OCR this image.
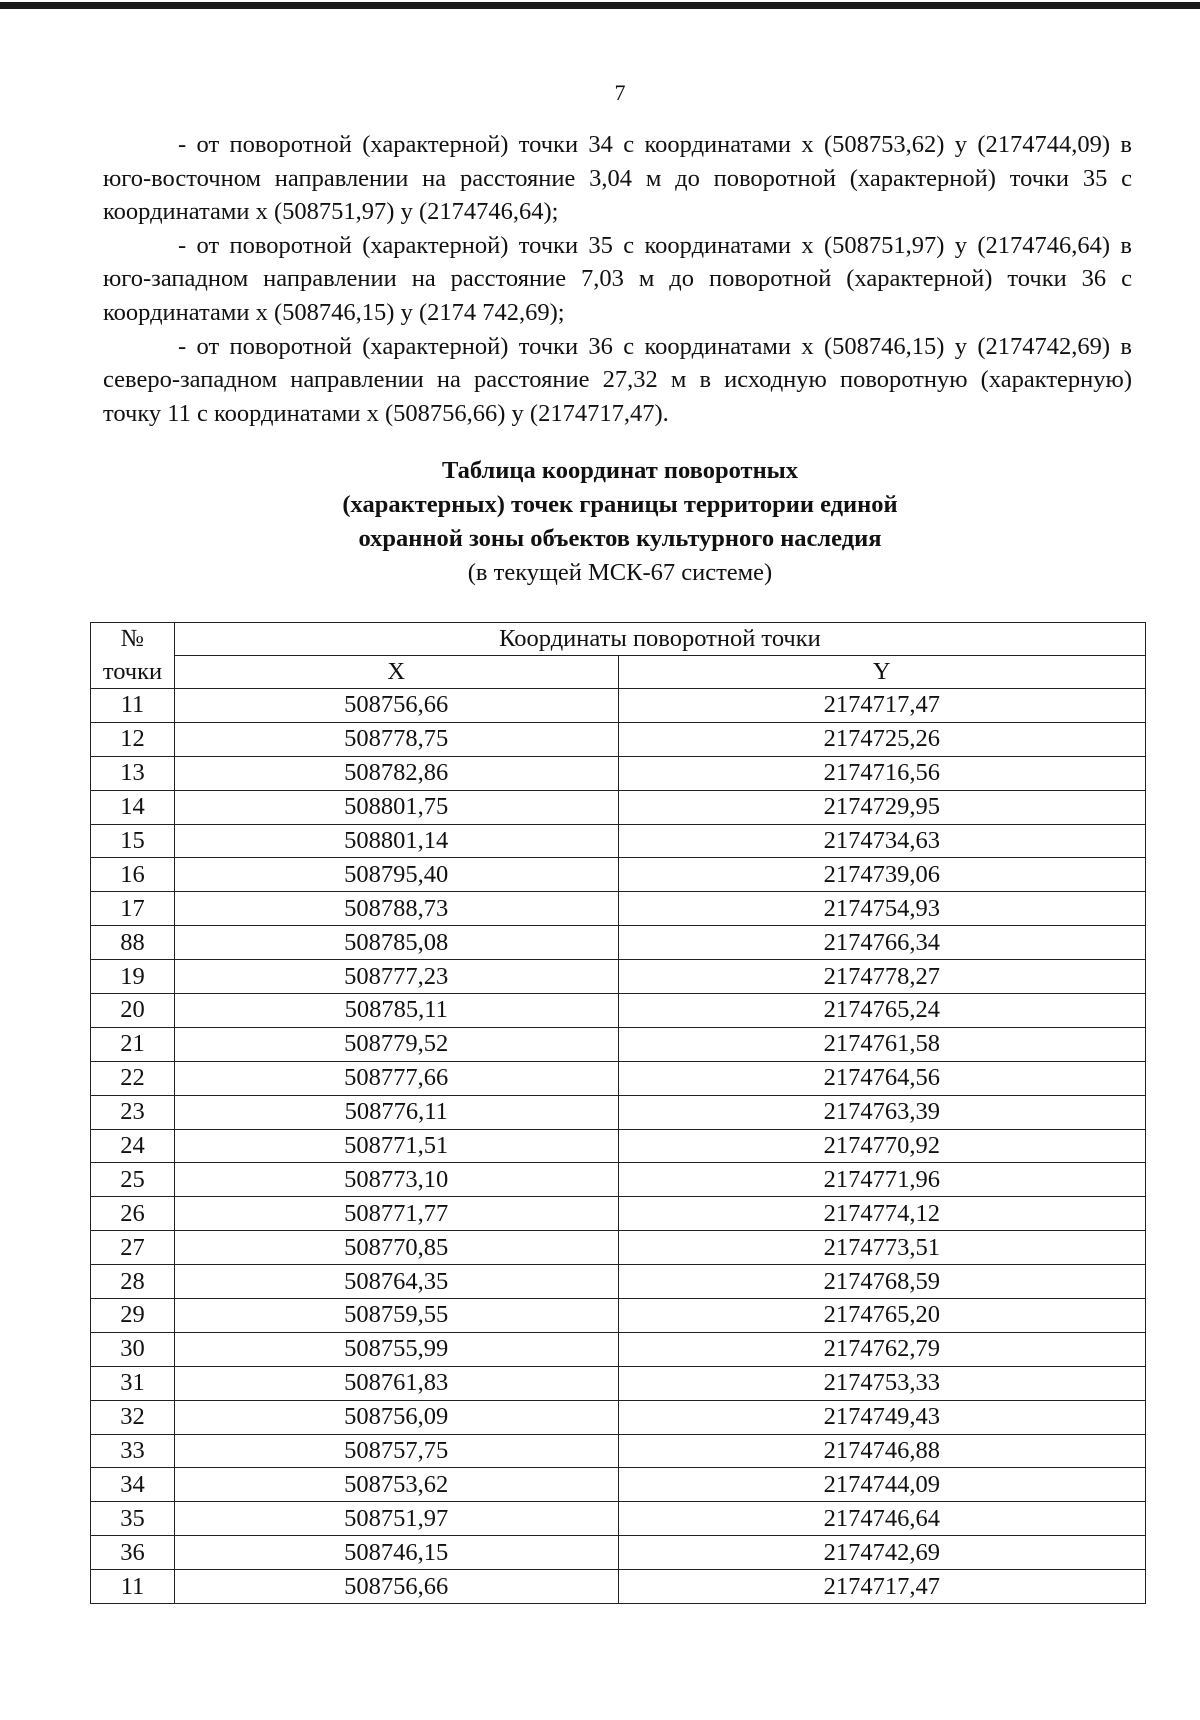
7

- от поворотной (характерной) точки 34 с координатами х (508753,62) у (2174744,09) в юго-восточном направлении на расстояние 3,04 м до поворотной (характерной) точки 35 с координатами х (508751,97) у (2174746,64);

- от поворотной (характерной) точки 35 с координатами х (508751,97) у (2174746,64) в юго-западном направлении на расстояние 7,03 м до поворотной (характерной) точки 36 с координатами х (508746,15) у (2174 742,69);

- от поворотной (характерной) точки 36 с координатами х (508746,15) у (2174742,69) в северо-западном направлении на расстояние 27,32 м в исходную поворотную (характерную) точку 11 с координатами х (508756,66) у (2174717,47).

Таблица координат поворотных
(характерных) точек границы территории единой
охранной зоны объектов культурного наследия
(в текущей МСК-67 системе)
№	Координаты поворотной точки	
точки	X	Y
11	508756,66	2174717,47
12	508778,75	2174725,26
13	508782,86	2174716,56
14	508801,75	2174729,95
15	508801,14	2174734,63
16	508795,40	2174739,06
17	508788,73	2174754,93
88	508785,08	2174766,34
19	508777,23	2174778,27
20	508785,11	2174765,24
21	508779,52	2174761,58
22	508777,66	2174764,56
23	508776,11	2174763,39
24	508771,51	2174770,92
25	508773,10	2174771,96
26	508771,77	2174774,12
27	508770,85	2174773,51
28	508764,35	2174768,59
29	508759,55	2174765,20
30	508755,99	2174762,79
31	508761,83	2174753,33
32	508756,09	2174749,43
33	508757,75	2174746,88
34	508753,62	2174744,09
35	508751,97	2174746,64
36	508746,15	2174742,69
11	508756,66	2174717,47
